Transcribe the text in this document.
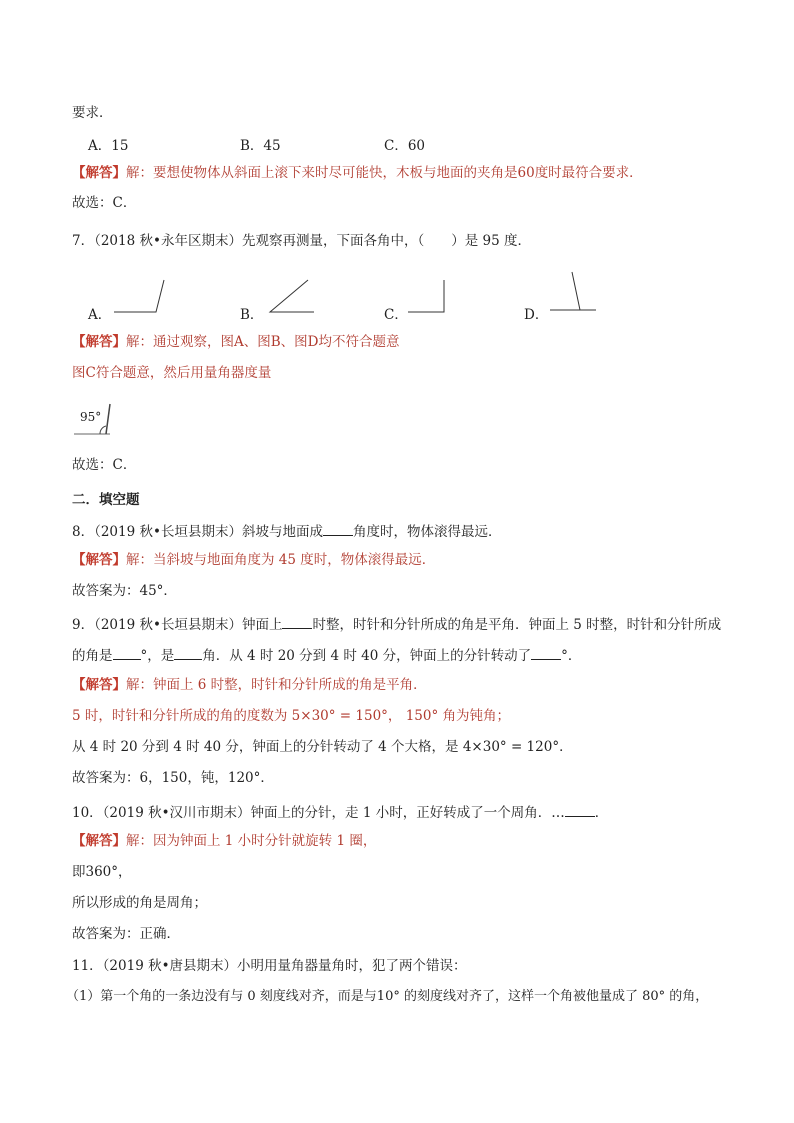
要求．
A．15	B．45	C．60
【解答】解：要想使物体从斜面上滚下来时尽可能快，木板与地面的夹角是60度时最符合要求．
故选：C．
7．（2018 秋•永年区期末）先观察再测量，下面各角中，（　　）是 95 度．
A．	B．	C．	D．
【解答】解：通过观察，图A、图B、图D均不符合题意
图C符合题意，然后用量角器度量
95°
故选：C．
二．填空题
8．（2019 秋•长垣县期末）斜坡与地面成 角度时，物体滚得最远．
【解答】解：当斜坡与地面角度为 45 度时，物体滚得最远．
故答案为：45°．
9．（2019 秋•长垣县期末）钟面上 时整，时针和分针所成的角是平角．钟面上 5 时整，时针和分针所成
的角是 °，是 角．从 4 时 20 分到 4 时 40 分，钟面上的分针转动了 °．
【解答】解：钟面上 6 时整，时针和分针所成的角是平角．
5 时，时针和分针所成的角的度数为 5×30° = 150°， 150° 角为钝角；
从 4 时 20 分到 4 时 40 分，钟面上的分针转动了 4 个大格，是 4×30° = 120°．
故答案为：6，150，钝，120°．
10．（2019 秋•汉川市期末）钟面上的分针，走 1 小时，正好转成了一个周角．… ．
【解答】解：因为钟面上 1 小时分针就旋转 1 圈，
即360°，
所以形成的角是周角；
故答案为：正确．
11．（2019 秋•唐县期末）小明用量角器量角时，犯了两个错误：
（1）第一个角的一条边没有与 0 刻度线对齐，而是与10° 的刻度线对齐了，这样一个角被他量成了 80° 的角，
